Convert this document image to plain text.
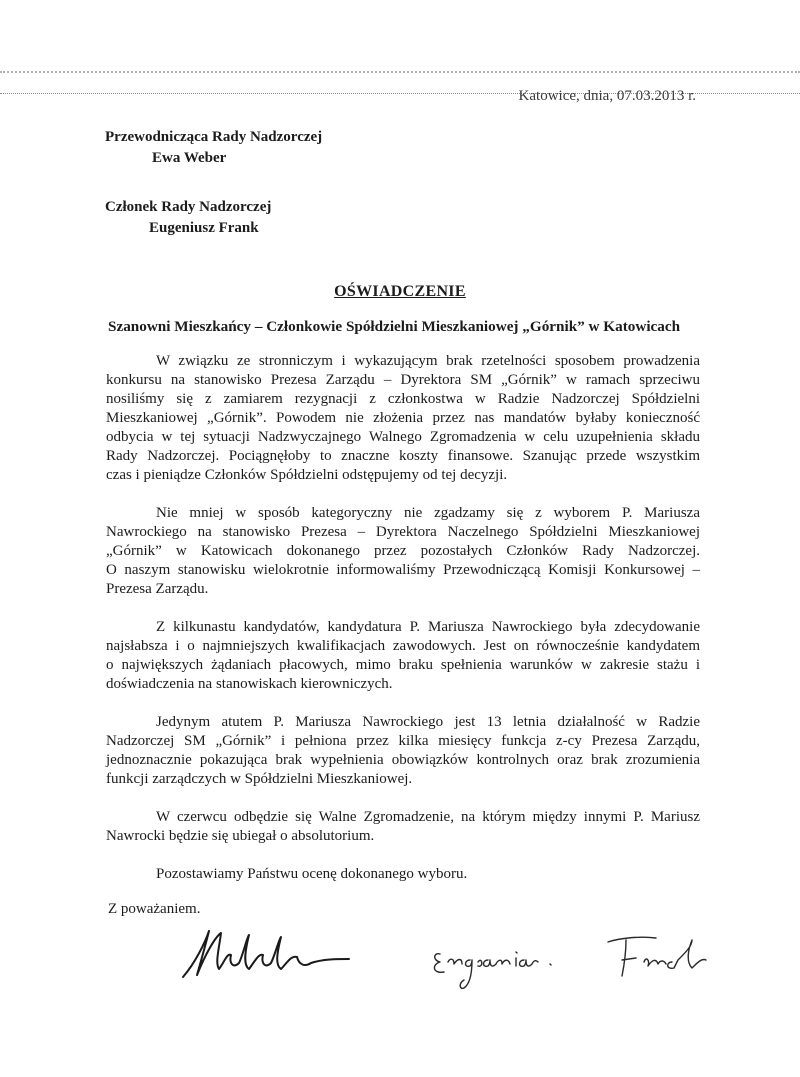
Katowice, dnia, 07.03.2013 r.
Przewodnicząca Rady Nadzorczej
Ewa Weber
Członek Rady Nadzorczej
Eugeniusz Frank
OŚWIADCZENIE
Szanowni Mieszkańcy – Członkowie Spółdzielni Mieszkaniowej „Górnik” w Katowicach
W związku ze stronniczym i wykazującym brak rzetelności sposobem prowadzenia
konkursu na stanowisko Prezesa Zarządu – Dyrektora SM „Górnik” w ramach sprzeciwu
nosiliśmy się z zamiarem rezygnacji z członkostwa w Radzie Nadzorczej Spółdzielni
Mieszkaniowej „Górnik”. Powodem nie złożenia przez nas mandatów byłaby konieczność
odbycia w tej sytuacji Nadzwyczajnego Walnego Zgromadzenia w celu uzupełnienia składu
Rady Nadzorczej. Pociągnęłoby to znaczne koszty finansowe. Szanując przede wszystkim
czas i pieniądze Członków Spółdzielni odstępujemy od tej decyzji.
Nie mniej w sposób kategoryczny nie zgadzamy się z wyborem P. Mariusza
Nawrockiego na stanowisko Prezesa – Dyrektora Naczelnego Spółdzielni Mieszkaniowej
„Górnik” w Katowicach dokonanego przez pozostałych Członków Rady Nadzorczej.
O naszym stanowisku wielokrotnie informowaliśmy Przewodniczącą Komisji Konkursowej –
Prezesa Zarządu.
Z kilkunastu kandydatów, kandydatura P. Mariusza Nawrockiego była zdecydowanie
najsłabsza i o najmniejszych kwalifikacjach zawodowych. Jest on równocześnie kandydatem
o największych żądaniach płacowych, mimo braku spełnienia warunków w zakresie stażu i
doświadczenia na stanowiskach kierowniczych.
Jedynym atutem P. Mariusza Nawrockiego jest 13 letnia działalność w Radzie
Nadzorczej SM „Górnik” i pełniona przez kilka miesięcy funkcja z-cy Prezesa Zarządu,
jednoznacznie pokazująca brak wypełnienia obowiązków kontrolnych oraz brak zrozumienia
funkcji zarządczych w Spółdzielni Mieszkaniowej.
W czerwcu odbędzie się Walne Zgromadzenie, na którym między innymi P. Mariusz
Nawrocki będzie się ubiegał o absolutorium.
Pozostawiamy Państwu ocenę dokonanego wyboru.
Z poważaniem.
